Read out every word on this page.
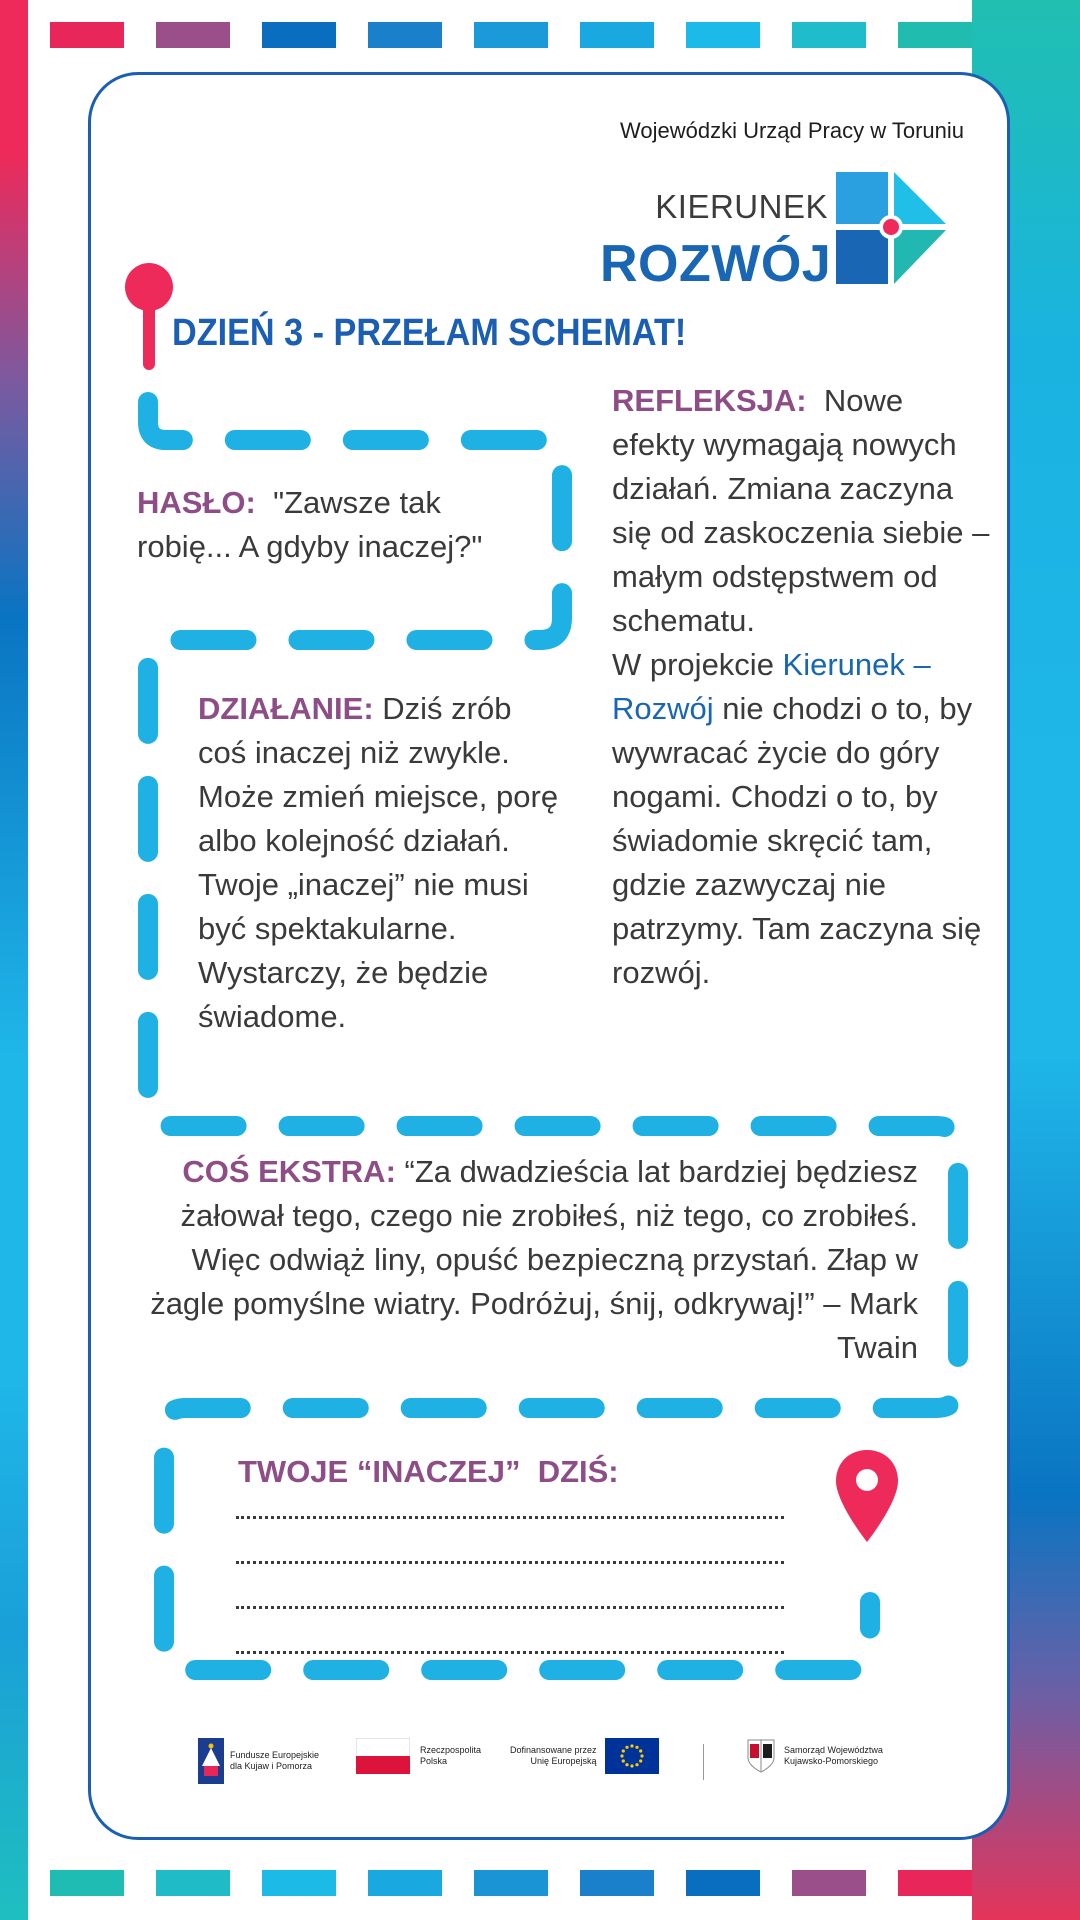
Wojewódzki Urząd Pracy w Toruniu
KIERUNEK
ROZWÓJ
DZIEŃ 3 - PRZEŁAM SCHEMAT!
HASŁO: "Zawsze tak robię... A gdyby inaczej?"
REFLEKSJA: Nowe efekty wymagają nowych działań. Zmiana zaczyna się od zaskoczenia siebie – małym odstępstwem od schematu.
W projekcie Kierunek – Rozwój nie chodzi o to, by wywracać życie do góry nogami. Chodzi o to, by świadomie skręcić tam, gdzie zazwyczaj nie patrzymy. Tam zaczyna się rozwój.
DZIAŁANIE: Dziś zrób coś inaczej niż zwykle. Może zmień miejsce, porę albo kolejność działań. Twoje „inaczej” nie musi być spektakularne. Wystarczy, że będzie świadome.
COŚ EKSTRA: “Za dwadzieścia lat bardziej będziesz żałował tego, czego nie zrobiłeś, niż tego, co zrobiłeś. Więc odwiąż liny, opuść bezpieczną przystań. Złap w żagle pomyślne wiatry. Podróżuj, śnij, odkrywaj!” – Mark Twain
TWOJE “INACZEJ”  DZIŚ:
Fundusze Europejskie
dla Kujaw i Pomorza
Rzeczpospolita
Polska
Dofinansowane przez
Unię Europejską
Samorząd Województwa
Kujawsko-Pomorskiego
